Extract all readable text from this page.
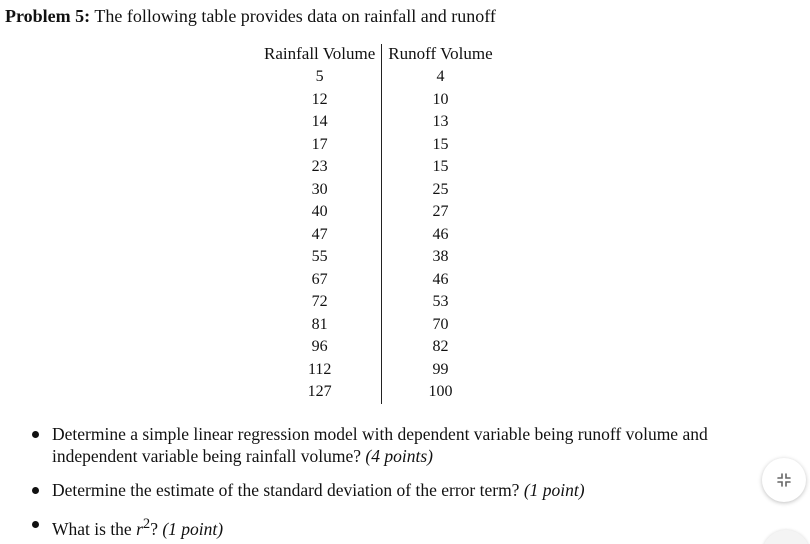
Problem 5: The following table provides data on rainfall and runoff
Rainfall Volume	Runoff Volume
5	4
12	10
14	13
17	15
23	15
30	25
40	27
47	46
55	38
67	46
72	53
81	70
96	82
112	99
127	100
Determine a simple linear regression model with dependent variable being runoff volume and independent variable being rainfall volume? (4 points)
Determine the estimate of the standard deviation of the error term? (1 point)
What is the $r^2$? (1 point)
